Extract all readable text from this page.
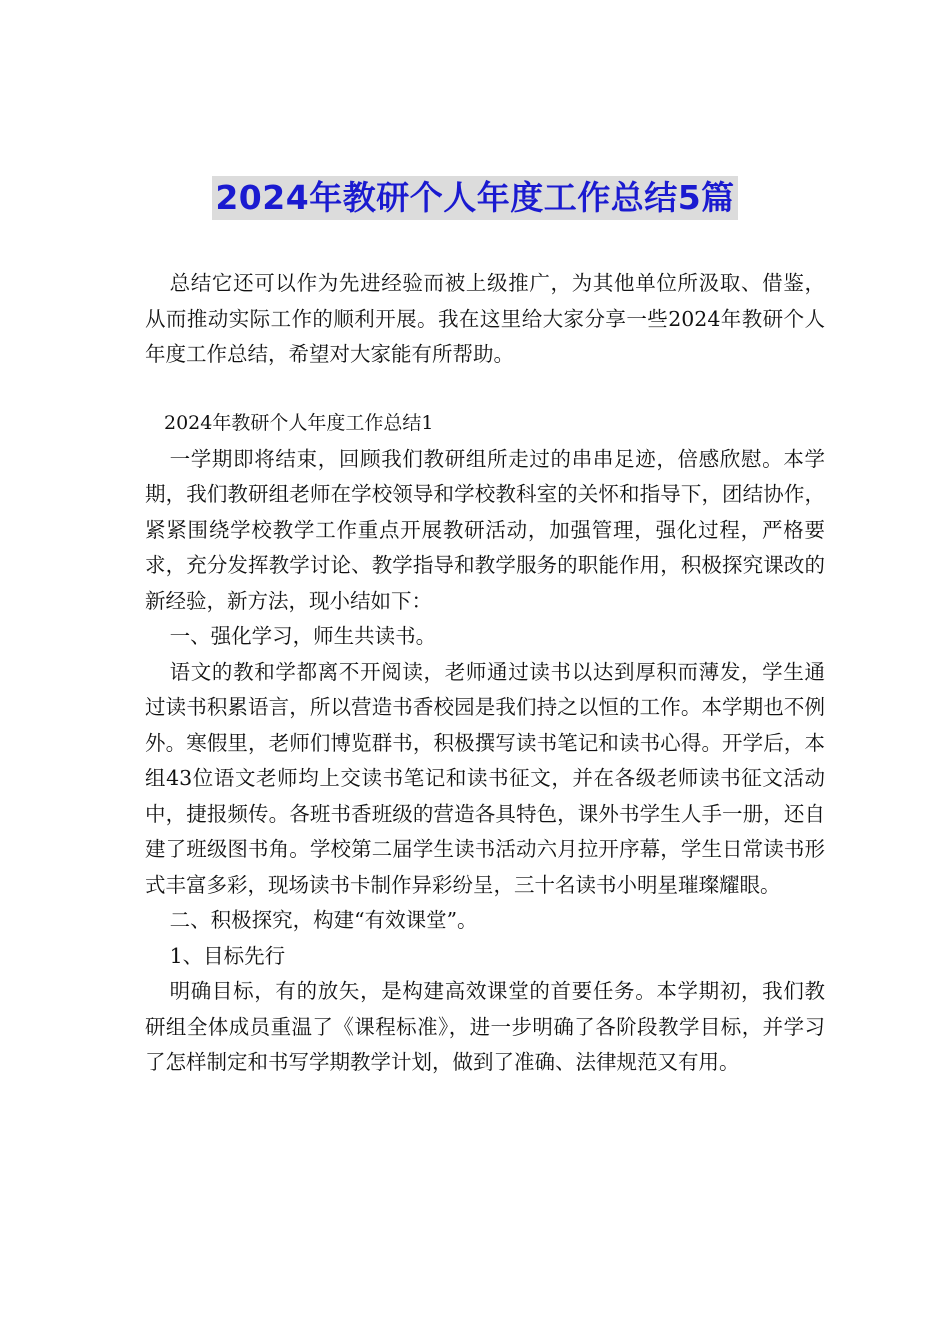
2024年教研个人年度工作总结5篇

总结它还可以作为先进经验而被上级推广，为其他单位所汲取、借鉴，从而推动实际工作的顺利开展。我在这里给大家分享一些2024年教研个人年度工作总结，希望对大家能有所帮助。

2024年教研个人年度工作总结1

一学期即将结束，回顾我们教研组所走过的串串足迹，倍感欣慰。本学期，我们教研组老师在学校领导和学校教科室的关怀和指导下，团结协作，紧紧围绕学校教学工作重点开展教研活动，加强管理，强化过程，严格要求，充分发挥教学讨论、教学指导和教学服务的职能作用，积极探究课改的新经验，新方法，现小结如下：

一、强化学习，师生共读书。

语文的教和学都离不开阅读，老师通过读书以达到厚积而薄发，学生通过读书积累语言，所以营造书香校园是我们持之以恒的工作。本学期也不例外。寒假里，老师们博览群书，积极撰写读书笔记和读书心得。开学后，本组43位语文老师均上交读书笔记和读书征文，并在各级老师读书征文活动中，捷报频传。各班书香班级的营造各具特色，课外书学生人手一册，还自建了班级图书角。学校第二届学生读书活动六月拉开序幕，学生日常读书形式丰富多彩，现场读书卡制作异彩纷呈，三十名读书小明星璀璨耀眼。

二、积极探究，构建“有效课堂”。

1、目标先行

明确目标，有的放矢，是构建高效课堂的首要任务。本学期初，我们教研组全体成员重温了《课程标准》，进一步明确了各阶段教学目标，并学习了怎样制定和书写学期教学计划，做到了准确、法律规范又有用。
